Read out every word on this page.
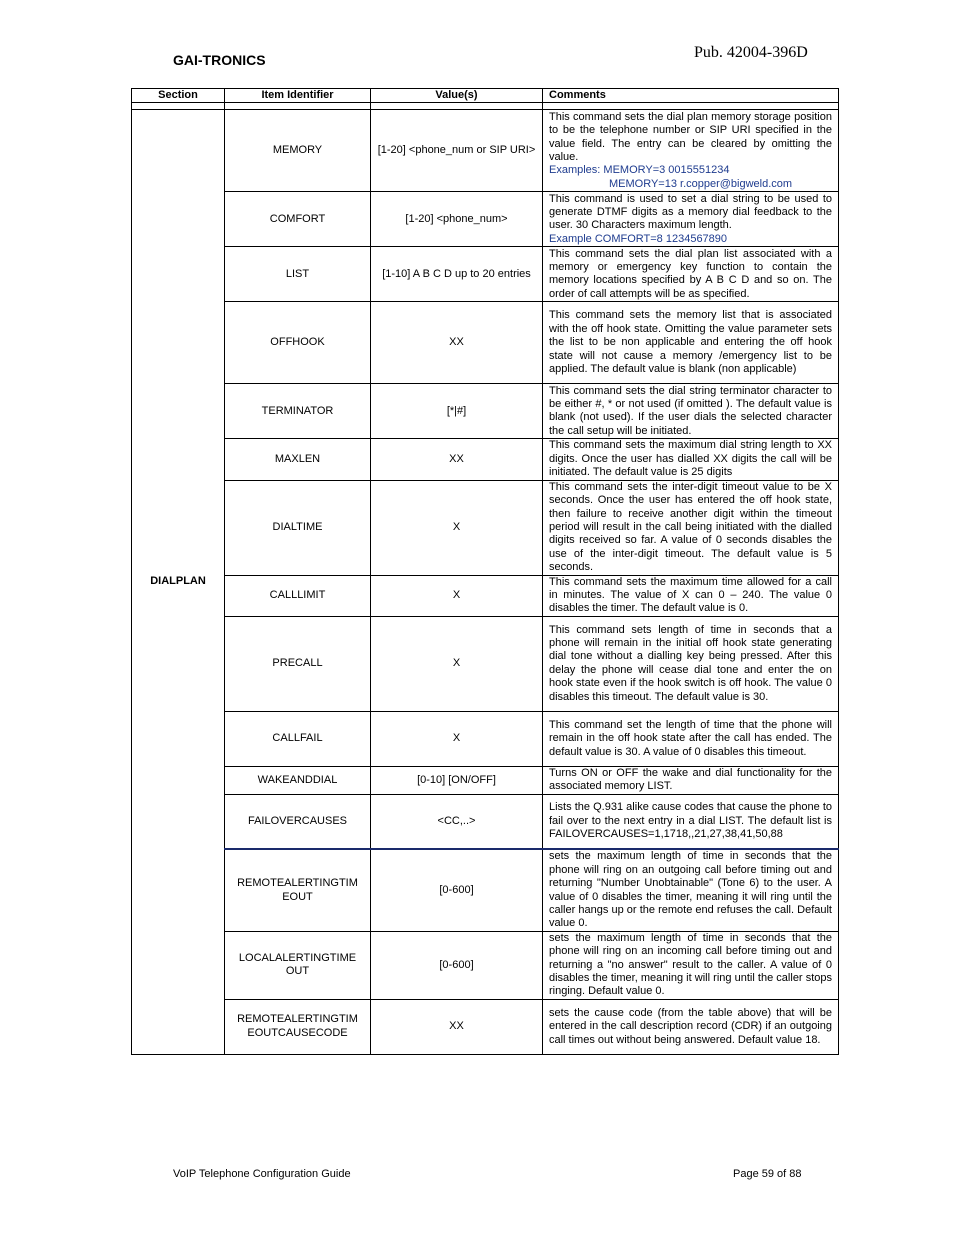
GAI-TRONICS	Pub. 42004-396D
Section	Item Identifier	Value(s)	Comments

DIALPLAN	MEMORY	[1-20] <phone_num or SIP URI>	This command sets the dial plan memory storage position to be the telephone number or SIP URI specified in the value field. The entry can be cleared by omitting the value.
Examples: MEMORY=3 0015551234
MEMORY=13 r.copper@bigweld.com

	COMFORT	[1-20] <phone_num>	This command is used to set a dial string to be used to generate DTMF digits as a memory dial feedback to the user. 30 Characters maximum length.
Example COMFORT=8 1234567890

	LIST	[1-10] A B C D up to 20 entries	This command sets the dial plan list associated with a memory or emergency key function to contain the memory locations specified by A B C D and so on. The order of call attempts will be as specified.
	OFFHOOK	XX	This command sets the memory list that is associated with the off hook state. Omitting the value parameter sets the list to be non applicable and entering the off hook state will not cause a memory /emergency list to be applied. The default value is blank (non applicable)
	TERMINATOR	[*|#]	This command sets the dial string terminator character to be either #, * or not used (if omitted ). The default value is blank (not used). If the user dials the selected character the call setup will be initiated.
	MAXLEN	XX	This command sets the maximum dial string length to XX digits. Once the user has dialled XX digits the call will be initiated. The default value is 25 digits
	DIALTIME	X	This command sets the inter-digit timeout value to be X seconds. Once the user has entered the off hook state, then failure to receive another digit within the timeout period will result in the call being initiated with the dialled digits received so far. A value of 0 seconds disables the use of the inter-digit timeout. The default value is 5 seconds.
	CALLLIMIT	X	This command sets the maximum time allowed for a call in minutes. The value of X can 0 – 240. The value 0 disables the timer. The default value is 0.
	PRECALL	X	This command sets length of time in seconds that a phone will remain in the initial off hook state generating dial tone without a dialling key being pressed. After this delay the phone will cease dial tone and enter the on hook state even if the hook switch is off hook. The value 0 disables this timeout. The default value is 30.
	CALLFAIL	X	This command set the length of time that the phone will remain in the off hook state after the call has ended. The default value is 30. A value of 0 disables this timeout.
	WAKEANDDIAL	[0-10] [ON/OFF]	Turns ON or OFF the wake and dial functionality for the associated memory LIST.
	FAILOVERCAUSES	<CC,..>	Lists the Q.931 alike cause codes that cause the phone to fail over to the next entry in a dial LIST. The default list is FAILOVERCAUSES=1,1718,,21,27,38,41,50,88
	REMOTEALERTINGTIM EOUT	[0-600]	sets the maximum length of time in seconds that the phone will ring on an outgoing call before timing out and returning "Number Unobtainable" (Tone 6) to the user. A value of 0 disables the timer, meaning it will ring until the caller hangs up or the remote end refuses the call. Default value 0.
	LOCALALERTINGTIME OUT	[0-600]	sets the maximum length of time in seconds that the phone will ring on an incoming call before timing out and returning a "no answer" result to the caller. A value of 0 disables the timer, meaning it will ring until the caller stops ringing. Default value 0.
	REMOTEALERTINGTIM EOUTCAUSECODE	XX	sets the cause code (from the table above) that will be entered in the call description record (CDR) if an outgoing call times out without being answered. Default value 18.
VoIP Telephone Configuration Guide	Page 59 of 88
